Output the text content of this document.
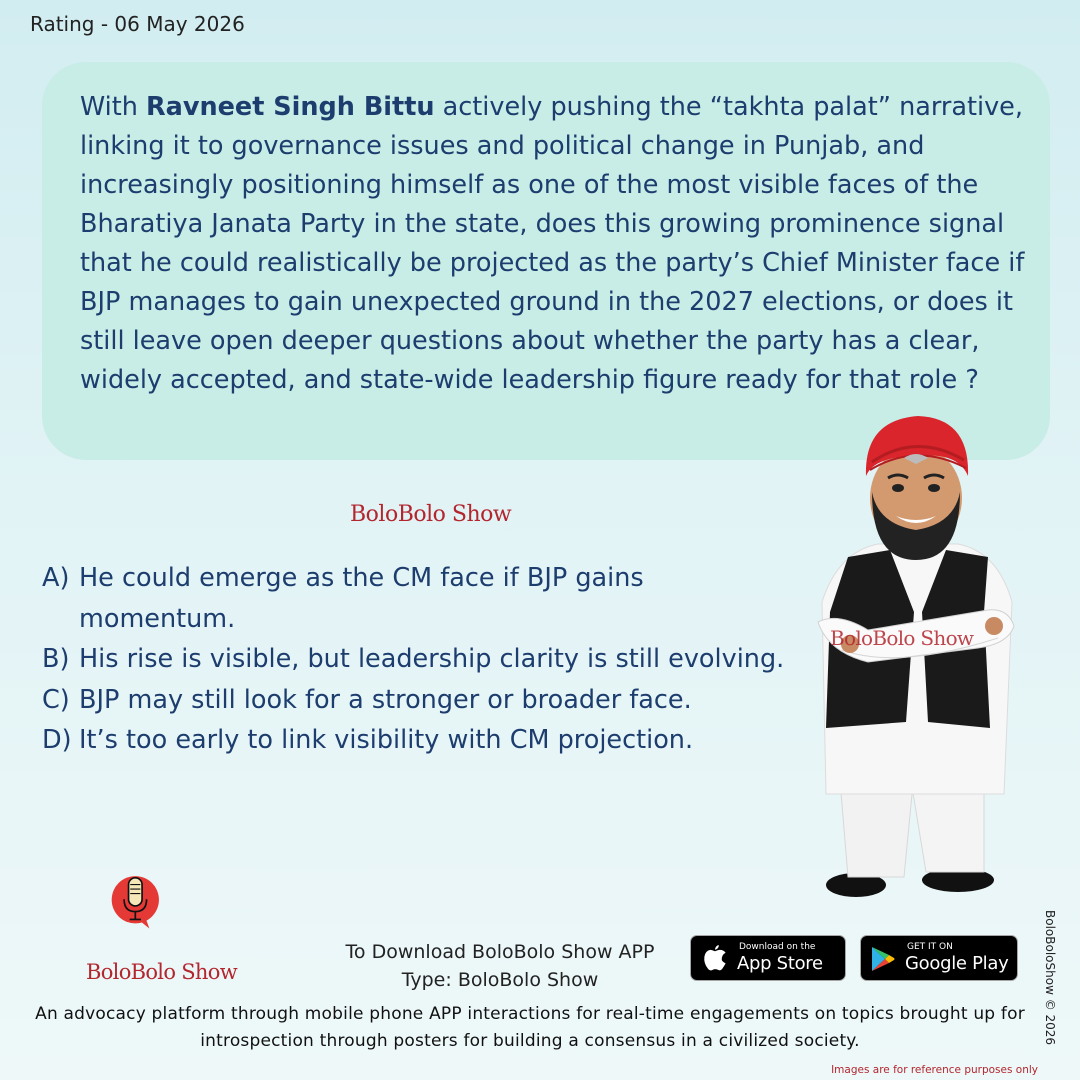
Rating - 06 May 2026

With Ravneet Singh Bittu actively pushing the “takhta palat” narrative, linking it to governance issues and political change in Punjab, and increasingly positioning himself as one of the most visible faces of the Bharatiya Janata Party in the state, does this growing prominence signal that he could realistically be projected as the party’s Chief Minister face if BJP manages to gain unexpected ground in the 2027 elections, or does it still leave open deeper questions about whether the party has a clear, widely accepted, and state-wide leadership figure ready for that role ?

BoloBolo Show
A) He could emerge as the CM face if BJP gains momentum.
B) His rise is visible, but leadership clarity is still evolving.
C) BJP may still look for a stronger or broader face.
D) It’s too early to link visibility with CM projection.
BoloBolo Show
BoloBolo Show
To Download BoloBolo Show APP
Type: BoloBolo Show
Download on the
App Store
GET IT ON
Google Play
An advocacy platform through mobile phone APP interactions for real-time engagements on topics brought up for introspection through posters for building a consensus in a civilized society.	BoloBoloShow © 2026
Images are for reference purposes only
